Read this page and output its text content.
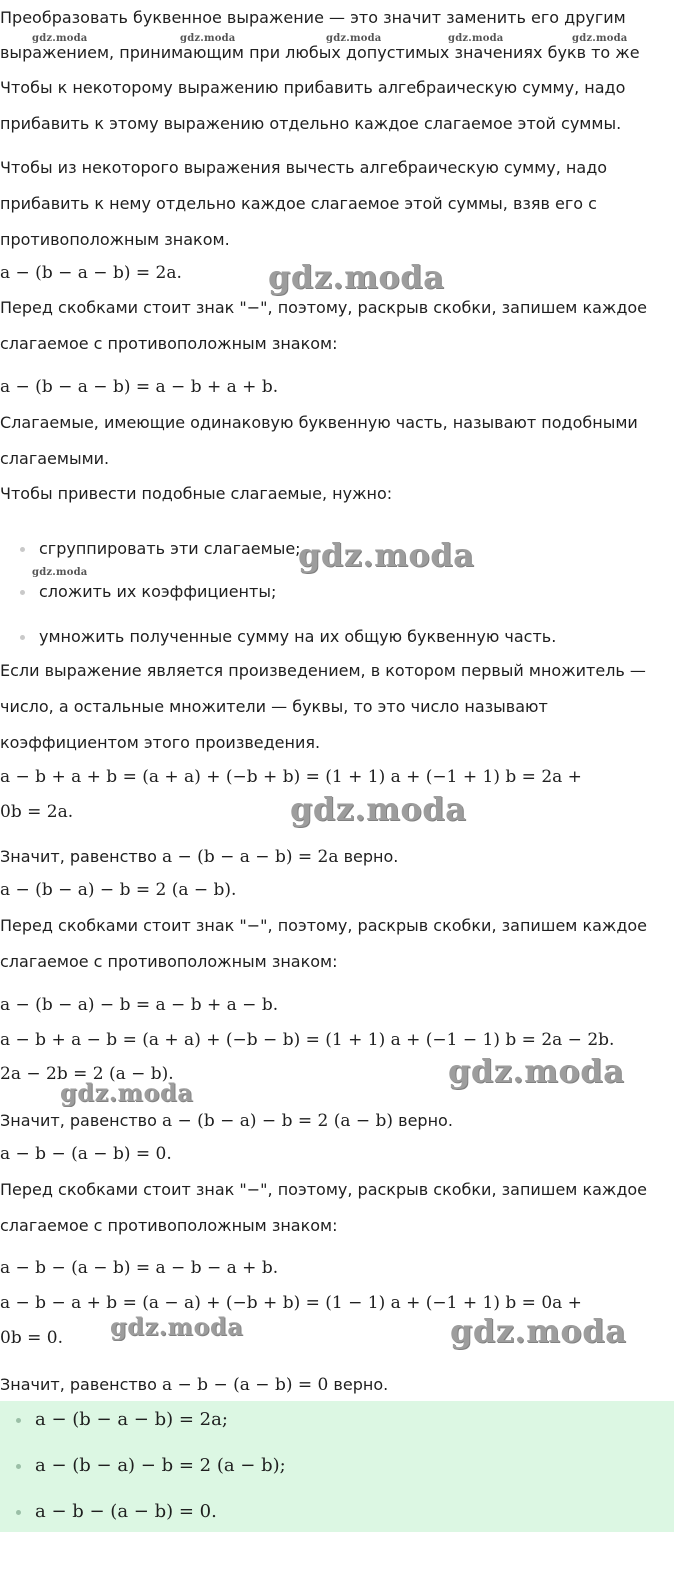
Преобразовать буквенное выражение — это значит заменить его другим
выражением, принимающим при любых допустимых значениях букв то же
Чтобы к некоторому выражению прибавить алгебраическую сумму, надо
прибавить к этому выражению отдельно каждое слагаемое этой суммы.
Чтобы из некоторого выражения вычесть алгебраическую сумму, надо
прибавить к нему отдельно каждое слагаемое этой суммы, взяв его с
противоположным знаком.
a − (b − a − b) = 2a.
Перед скобками стоит знак "−", поэтому, раскрыв скобки, запишем каждое
слагаемое с противоположным знаком:
a − (b − a − b) = a − b + a + b.
Слагаемые, имеющие одинаковую буквенную часть, называют подобными
слагаемыми.
Чтобы привести подобные слагаемые, нужно:
сгруппировать эти слагаемые;
сложить их коэффициенты;
умножить полученные сумму на их общую буквенную часть.
Если выражение является произведением, в котором первый множитель —
число, а остальные множители — буквы, то это число называют
коэффициентом этого произведения.
a − b + a + b = (a + a) + (−b + b) = (1 + 1) a + (−1 + 1) b = 2a +
0b = 2a.
Значит, равенство a − (b − a − b) = 2a верно.
a − (b − a) − b = 2 (a − b).
Перед скобками стоит знак "−", поэтому, раскрыв скобки, запишем каждое
слагаемое с противоположным знаком:
a − (b − a) − b = a − b + a − b.
a − b + a − b = (a + a) + (−b − b) = (1 + 1) a + (−1 − 1) b = 2a − 2b.
2a − 2b = 2 (a − b).
Значит, равенство a − (b − a) − b = 2 (a − b) верно.
a − b − (a − b) = 0.
Перед скобками стоит знак "−", поэтому, раскрыв скобки, запишем каждое
слагаемое с противоположным знаком:
a − b − (a − b) = a − b − a + b.
a − b − a + b = (a − a) + (−b + b) = (1 − 1) a + (−1 + 1) b = 0a +
0b = 0.
Значит, равенство a − b − (a − b) = 0 верно.
a − (b − a − b) = 2a;
a − (b − a) − b = 2 (a − b);
a − b − (a − b) = 0.
gdz.moda	gdz.moda	gdz.moda	gdz.moda	gdz.moda
gdz.moda
gdz.moda
gdz.moda
gdz.moda
gdz.moda
gdz.moda
gdz.moda	gdz.moda
